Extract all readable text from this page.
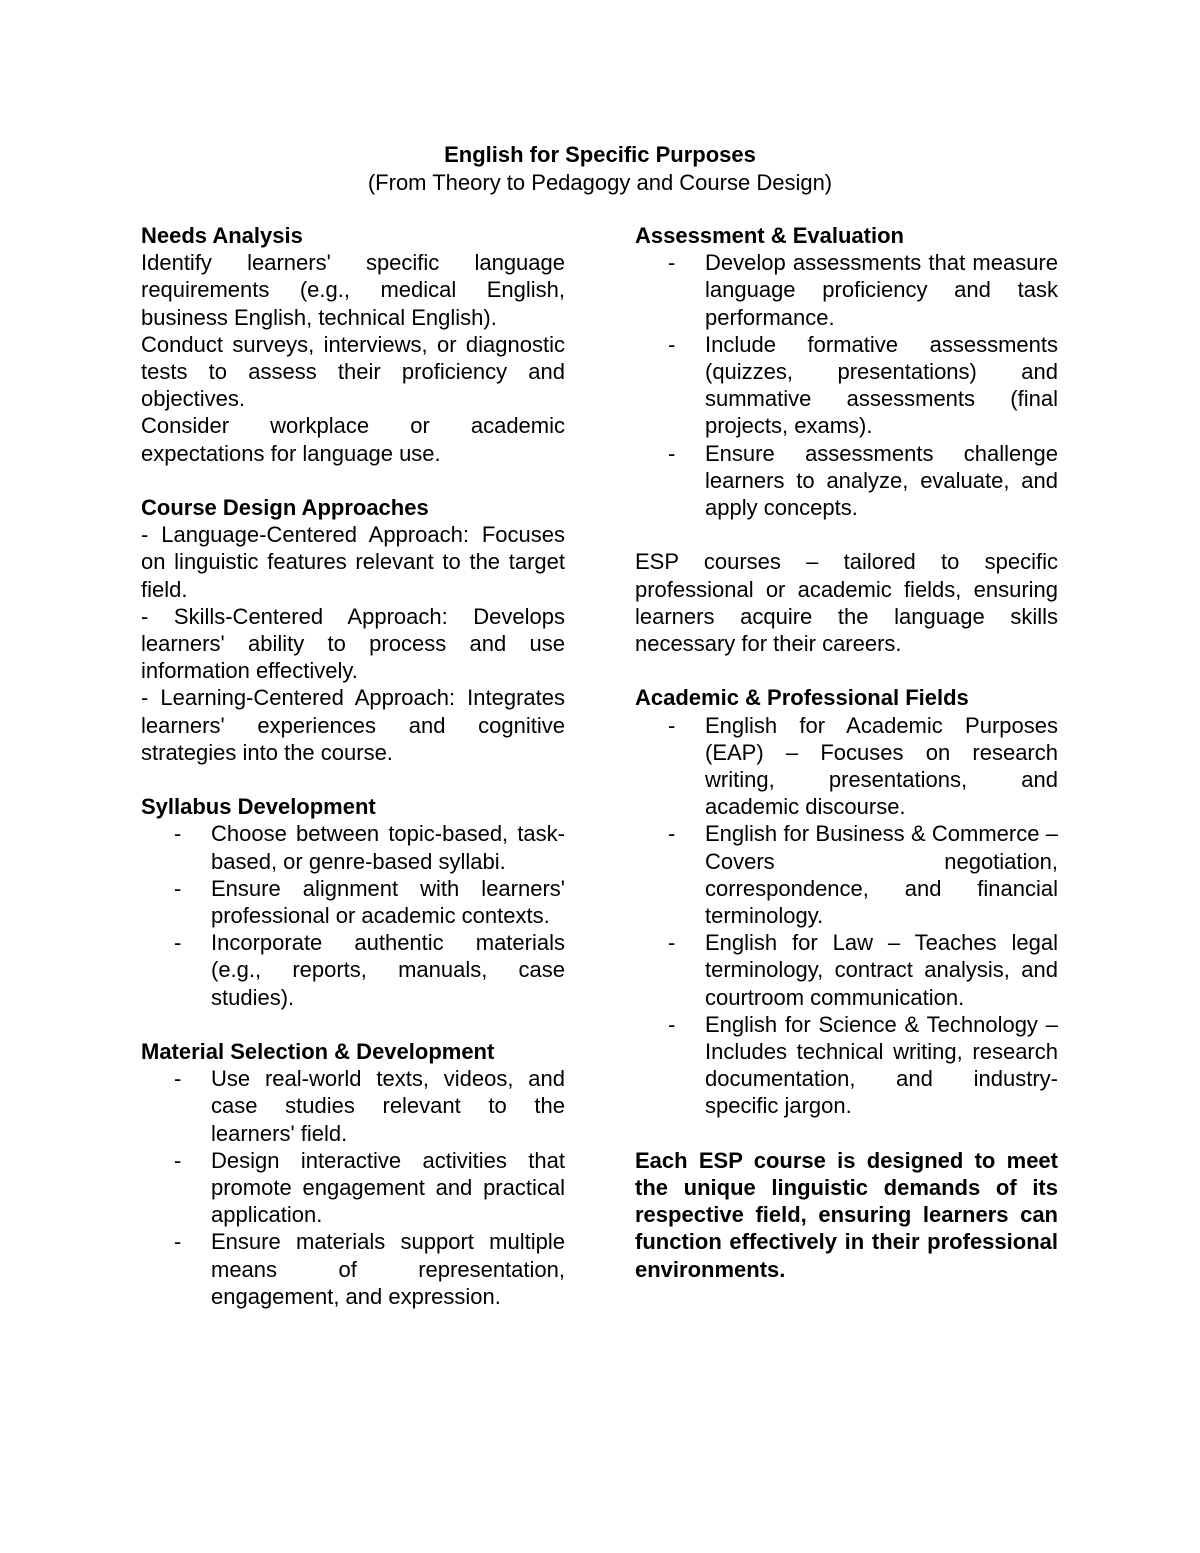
English for Specific Purposes

(From Theory to Pedagogy and Course Design)

Needs Analysis

Identify learners' specific language requirements (e.g., medical English, business English, technical English).

Conduct surveys, interviews, or diagnostic tests to assess their proficiency and objectives.

Consider workplace or academic expectations for language use.

Course Design Approaches

- Language-Centered Approach: Focuses on linguistic features relevant to the target field.

- Skills-Centered Approach: Develops learners' ability to process and use information effectively.

- Learning-Centered Approach: Integrates learners' experiences and cognitive strategies into the course.

Syllabus Development

- Choose between topic-based, task-based, or genre-based syllabi.
- Ensure alignment with learners' professional or academic contexts.
- Incorporate authentic materials (e.g., reports, manuals, case studies).

Material Selection & Development

- Use real-world texts, videos, and case studies relevant to the learners' field.
- Design interactive activities that promote engagement and practical application.
- Ensure materials support multiple means of representation, engagement, and expression.

Assessment & Evaluation

- Develop assessments that measure language proficiency and task performance.
- Include formative assessments (quizzes, presentations) and summative assessments (final projects, exams).
- Ensure assessments challenge learners to analyze, evaluate, and apply concepts.

ESP courses – tailored to specific professional or academic fields, ensuring learners acquire the language skills necessary for their careers.

Academic & Professional Fields

- English for Academic Purposes (EAP) – Focuses on research writing, presentations, and academic discourse.
- English for Business & Commerce – Covers negotiation, correspondence, and financial terminology.
- English for Law – Teaches legal terminology, contract analysis, and courtroom communication.
- English for Science & Technology – Includes technical writing, research documentation, and industry-specific jargon.

Each ESP course is designed to meet the unique linguistic demands of its respective field, ensuring learners can function effectively in their professional environments.
